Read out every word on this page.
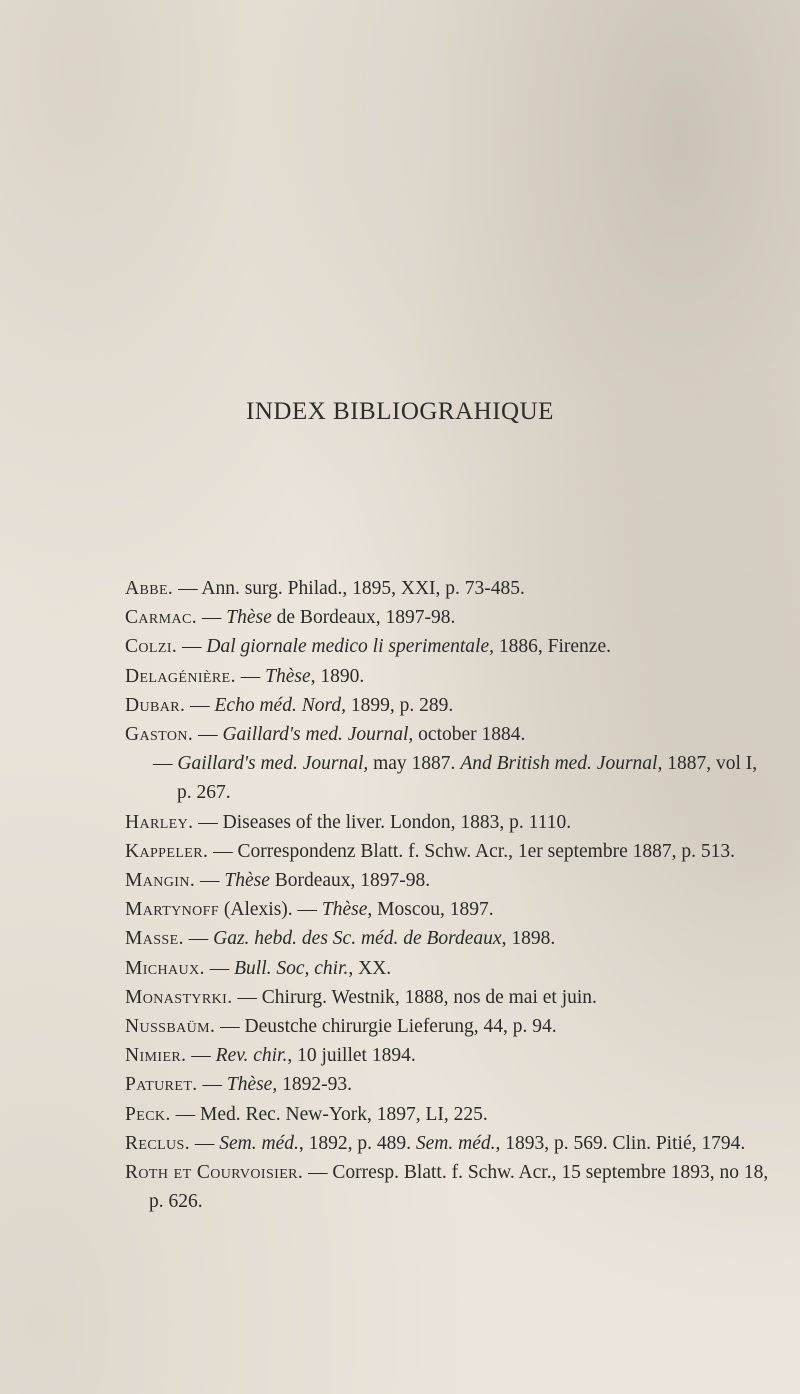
INDEX BIBLIOGRAHIQUE
Abbe. — Ann. surg. Philad., 1895, XXI, p. 73-485.
Carmac. — Thèse de Bordeaux, 1897-98.
Colzi. — Dal giornale medico li sperimentale, 1886, Firenze.
Delagénière. — Thèse, 1890.
Dubar. — Echo méd. Nord, 1899, p. 289.
Gaston. — Gaillard's med. Journal, october 1884.
— Gaillard's med. Journal, may 1887. And British med. Journal, 1887, vol I, p. 267.
Harley. — Diseases of the liver. London, 1883, p. 1110.
Kappeler. — Correspondenz Blatt. f. Schw. Acr., 1er septembre 1887, p. 513.
Mangin. — Thèse Bordeaux, 1897-98.
Martynoff (Alexis). — Thèse, Moscou, 1897.
Masse. — Gaz. hebd. des Sc. méd. de Bordeaux, 1898.
Michaux. — Bull. Soc, chir., XX.
Monastyrki. — Chirurg. Westnik, 1888, nos de mai et juin.
Nussbaüm. — Deustche chirurgie Lieferung, 44, p. 94.
Nimier. — Rev. chir., 10 juillet 1894.
Paturet. — Thèse, 1892-93.
Peck. — Med. Rec. New-York, 1897, LI, 225.
Reclus. — Sem. méd., 1892, p. 489. Sem. méd., 1893, p. 569. Clin. Pitié, 1794.
Roth et Courvoisier. — Corresp. Blatt. f. Schw. Acr., 15 septembre 1893, no 18, p. 626.
